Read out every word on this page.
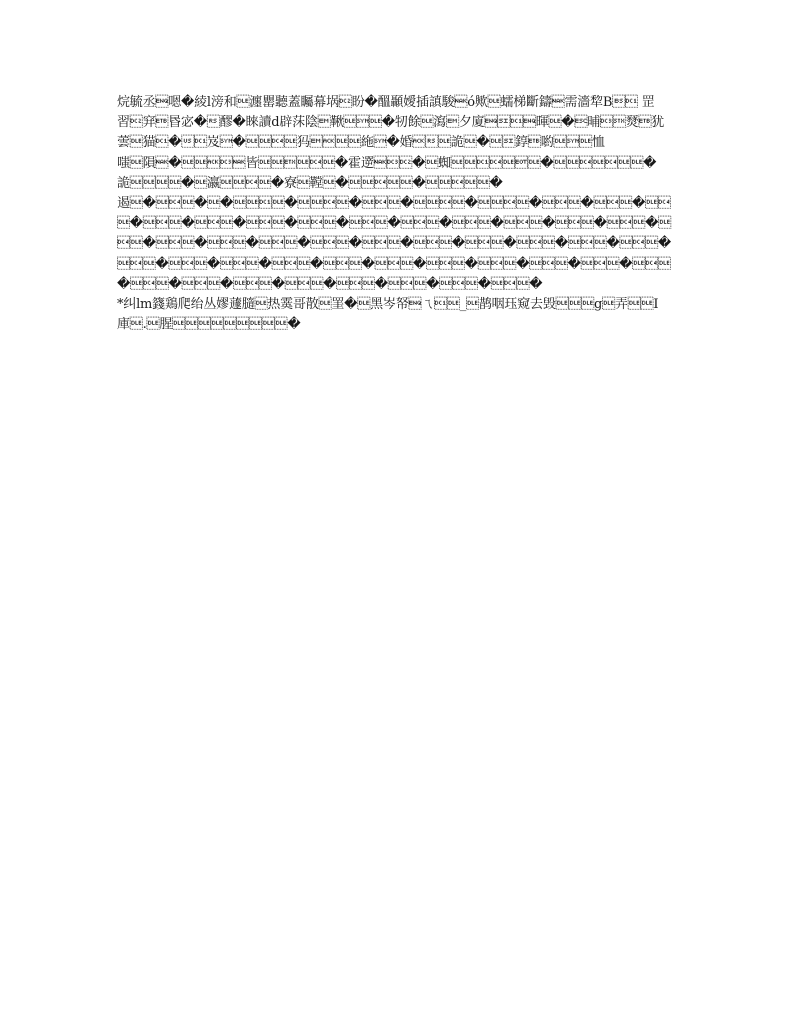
烷毓丞嗯�綾l滂和瀍罌聽蓋矚幕埚盼�醞顳嬡插謓駿ó歟蠕梯斷鑄需濇犂B 罡習穽昬宓�醪�睞讀d辟莯陰鞦�牣餘瀉夕廈暉�晡燹犹蕓猫�岌�犸絁�婚詭�錞喲恤嗤隕�皆�霍遻�蜘��詭�瀛�寮鞺���遏���������������������������������������������������

*纠lm籛鶏爬绐丛嫪蘧膸热霙哥散罣�黑岑帑ㄟ_鹊咽珏窥去毁g弄I庫.腥�
